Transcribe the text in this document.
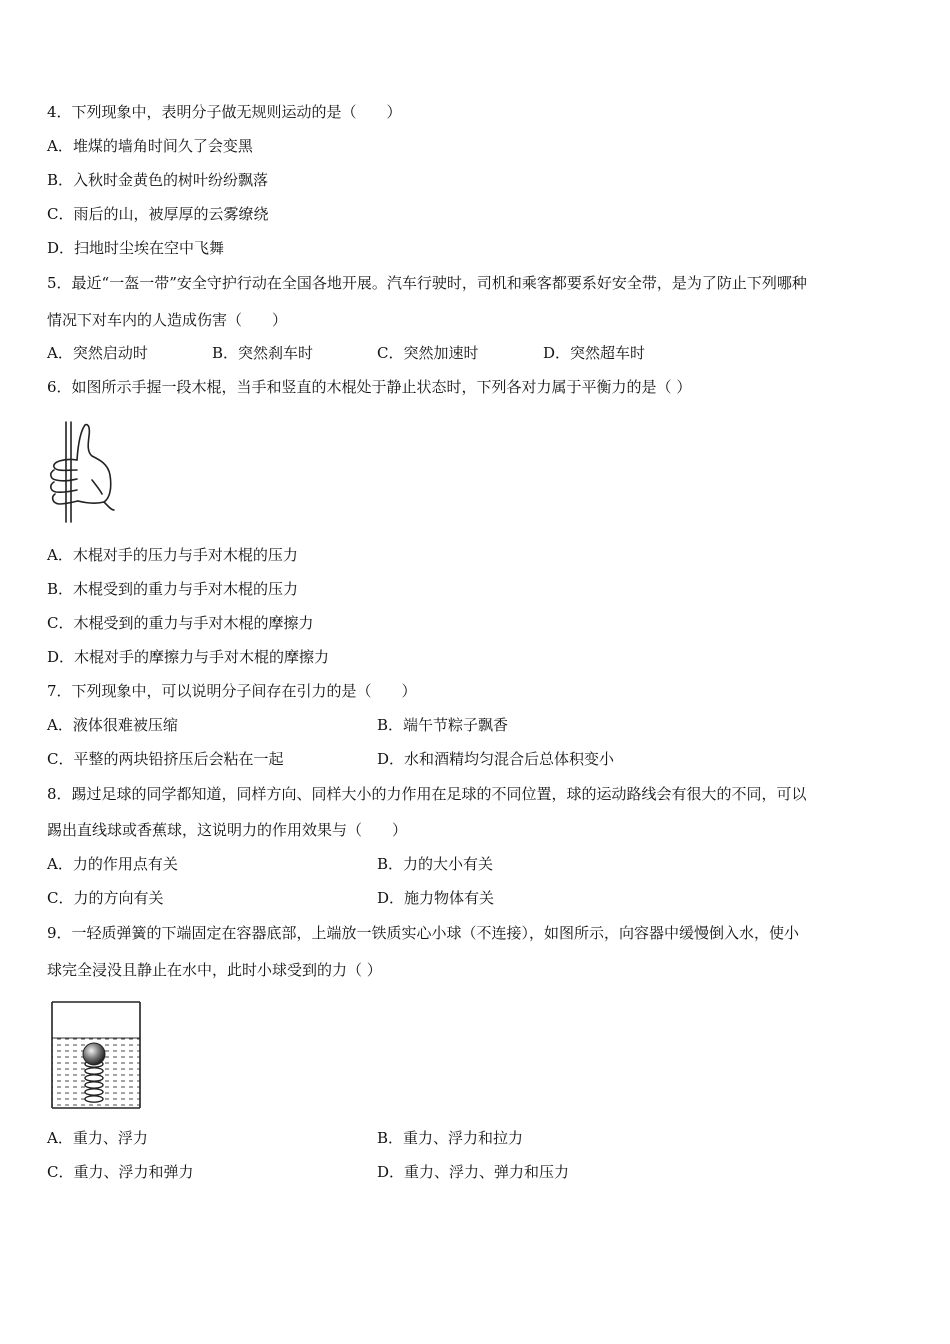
4．下列现象中，表明分子做无规则运动的是（　　）
A．堆煤的墙角时间久了会变黑
B．入秋时金黄色的树叶纷纷飘落
C．雨后的山，被厚厚的云雾缭绕
D．扫地时尘埃在空中飞舞
5．最近“一盔一带”安全守护行动在全国各地开展。汽车行驶时，司机和乘客都要系好安全带，是为了防止下列哪种
情况下对车内的人造成伤害（　　）
A．突然启动时	B．突然刹车时	C．突然加速时	D．突然超车时
6．如图所示手握一段木棍，当手和竖直的木棍处于静止状态时，下列各对力属于平衡力的是（ ）
A．木棍对手的压力与手对木棍的压力
B．木棍受到的重力与手对木棍的压力
C．木棍受到的重力与手对木棍的摩擦力
D．木棍对手的摩擦力与手对木棍的摩擦力
7．下列现象中，可以说明分子间存在引力的是（　　）
A．液体很难被压缩	B．端午节粽子飘香
C．平整的两块铅挤压后会粘在一起	D．水和酒精均匀混合后总体积变小
8．踢过足球的同学都知道，同样方向、同样大小的力作用在足球的不同位置，球的运动路线会有很大的不同，可以
踢出直线球或香蕉球，这说明力的作用效果与（　　）
A．力的作用点有关	B．力的大小有关
C．力的方向有关	D．施力物体有关
9．一轻质弹簧的下端固定在容器底部，上端放一铁质实心小球（不连接），如图所示，向容器中缓慢倒入水，使小
球完全浸没且静止在水中，此时小球受到的力（ ）
A．重力、浮力	B．重力、浮力和拉力
C．重力、浮力和弹力	D．重力、浮力、弹力和压力
